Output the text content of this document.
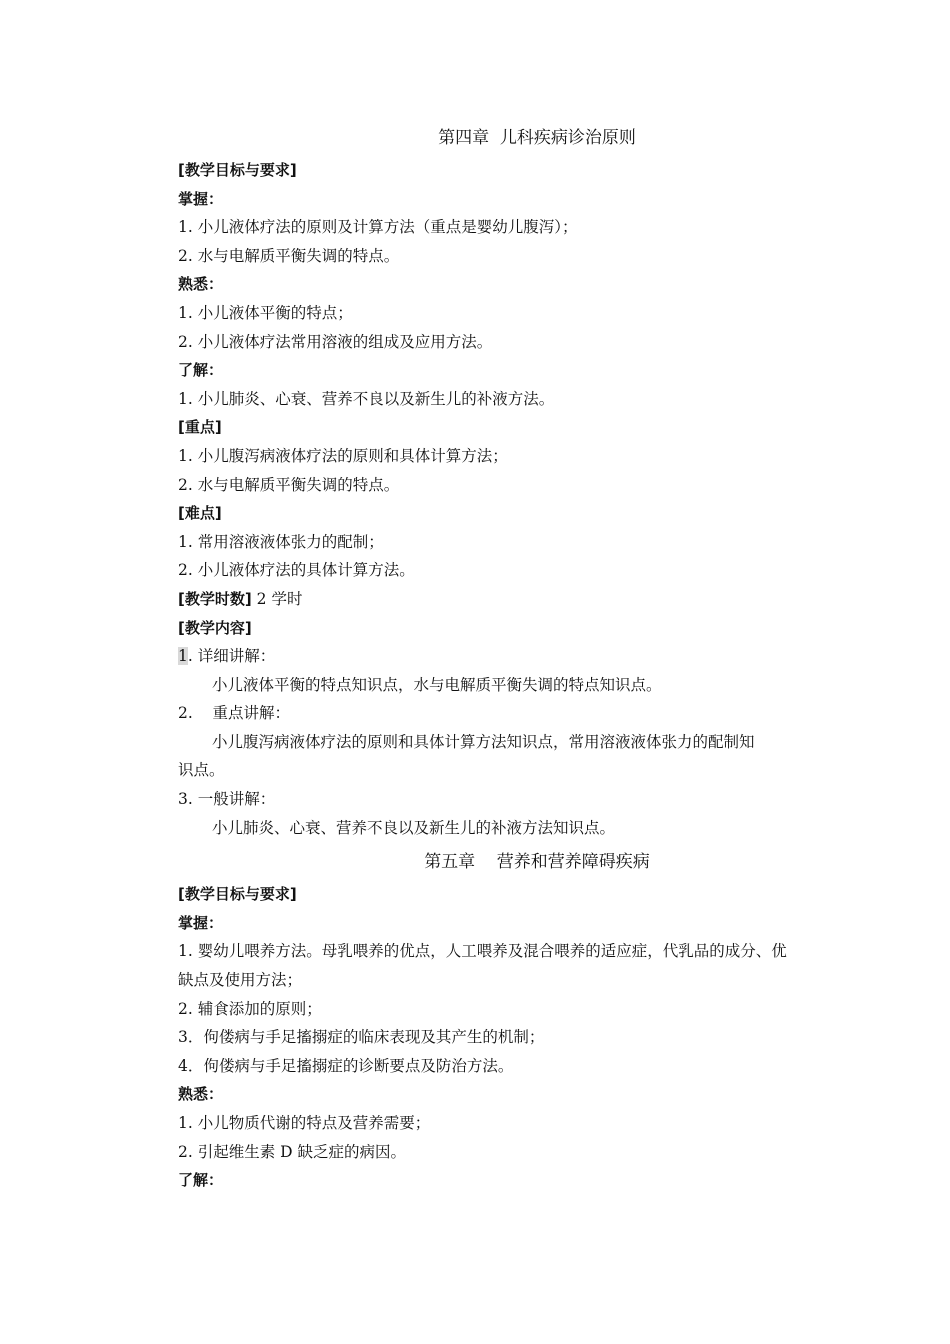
第四章  儿科疾病诊治原则
[教学目标与要求]
掌握：
1. 小儿液体疗法的原则及计算方法（重点是婴幼儿腹泻）；
2. 水与电解质平衡失调的特点。
熟悉：
1. 小儿液体平衡的特点；
2. 小儿液体疗法常用溶液的组成及应用方法。
了解：
1. 小儿肺炎、心衰、营养不良以及新生儿的补液方法。
[重点]
1. 小儿腹泻病液体疗法的原则和具体计算方法；
2. 水与电解质平衡失调的特点。
[难点]
1. 常用溶液液体张力的配制；
2. 小儿液体疗法的具体计算方法。
[教学时数] 2 学时
[教学内容]
1. 详细讲解：
小儿液体平衡的特点知识点，水与电解质平衡失调的特点知识点。
2.    重点讲解：
小儿腹泻病液体疗法的原则和具体计算方法知识点，常用溶液液体张力的配制知
识点。
3. 一般讲解：
小儿肺炎、心衰、营养不良以及新生儿的补液方法知识点。
第五章    营养和营养障碍疾病
[教学目标与要求]
掌握：
1. 婴幼儿喂养方法。母乳喂养的优点，人工喂养及混合喂养的适应症，代乳品的成分、优
缺点及使用方法；
2. 辅食添加的原则；
3．佝偻病与手足搐搦症的临床表现及其产生的机制；
4．佝偻病与手足搐搦症的诊断要点及防治方法。
熟悉：
1. 小儿物质代谢的特点及营养需要；
2. 引起维生素 D 缺乏症的病因。
了解：
